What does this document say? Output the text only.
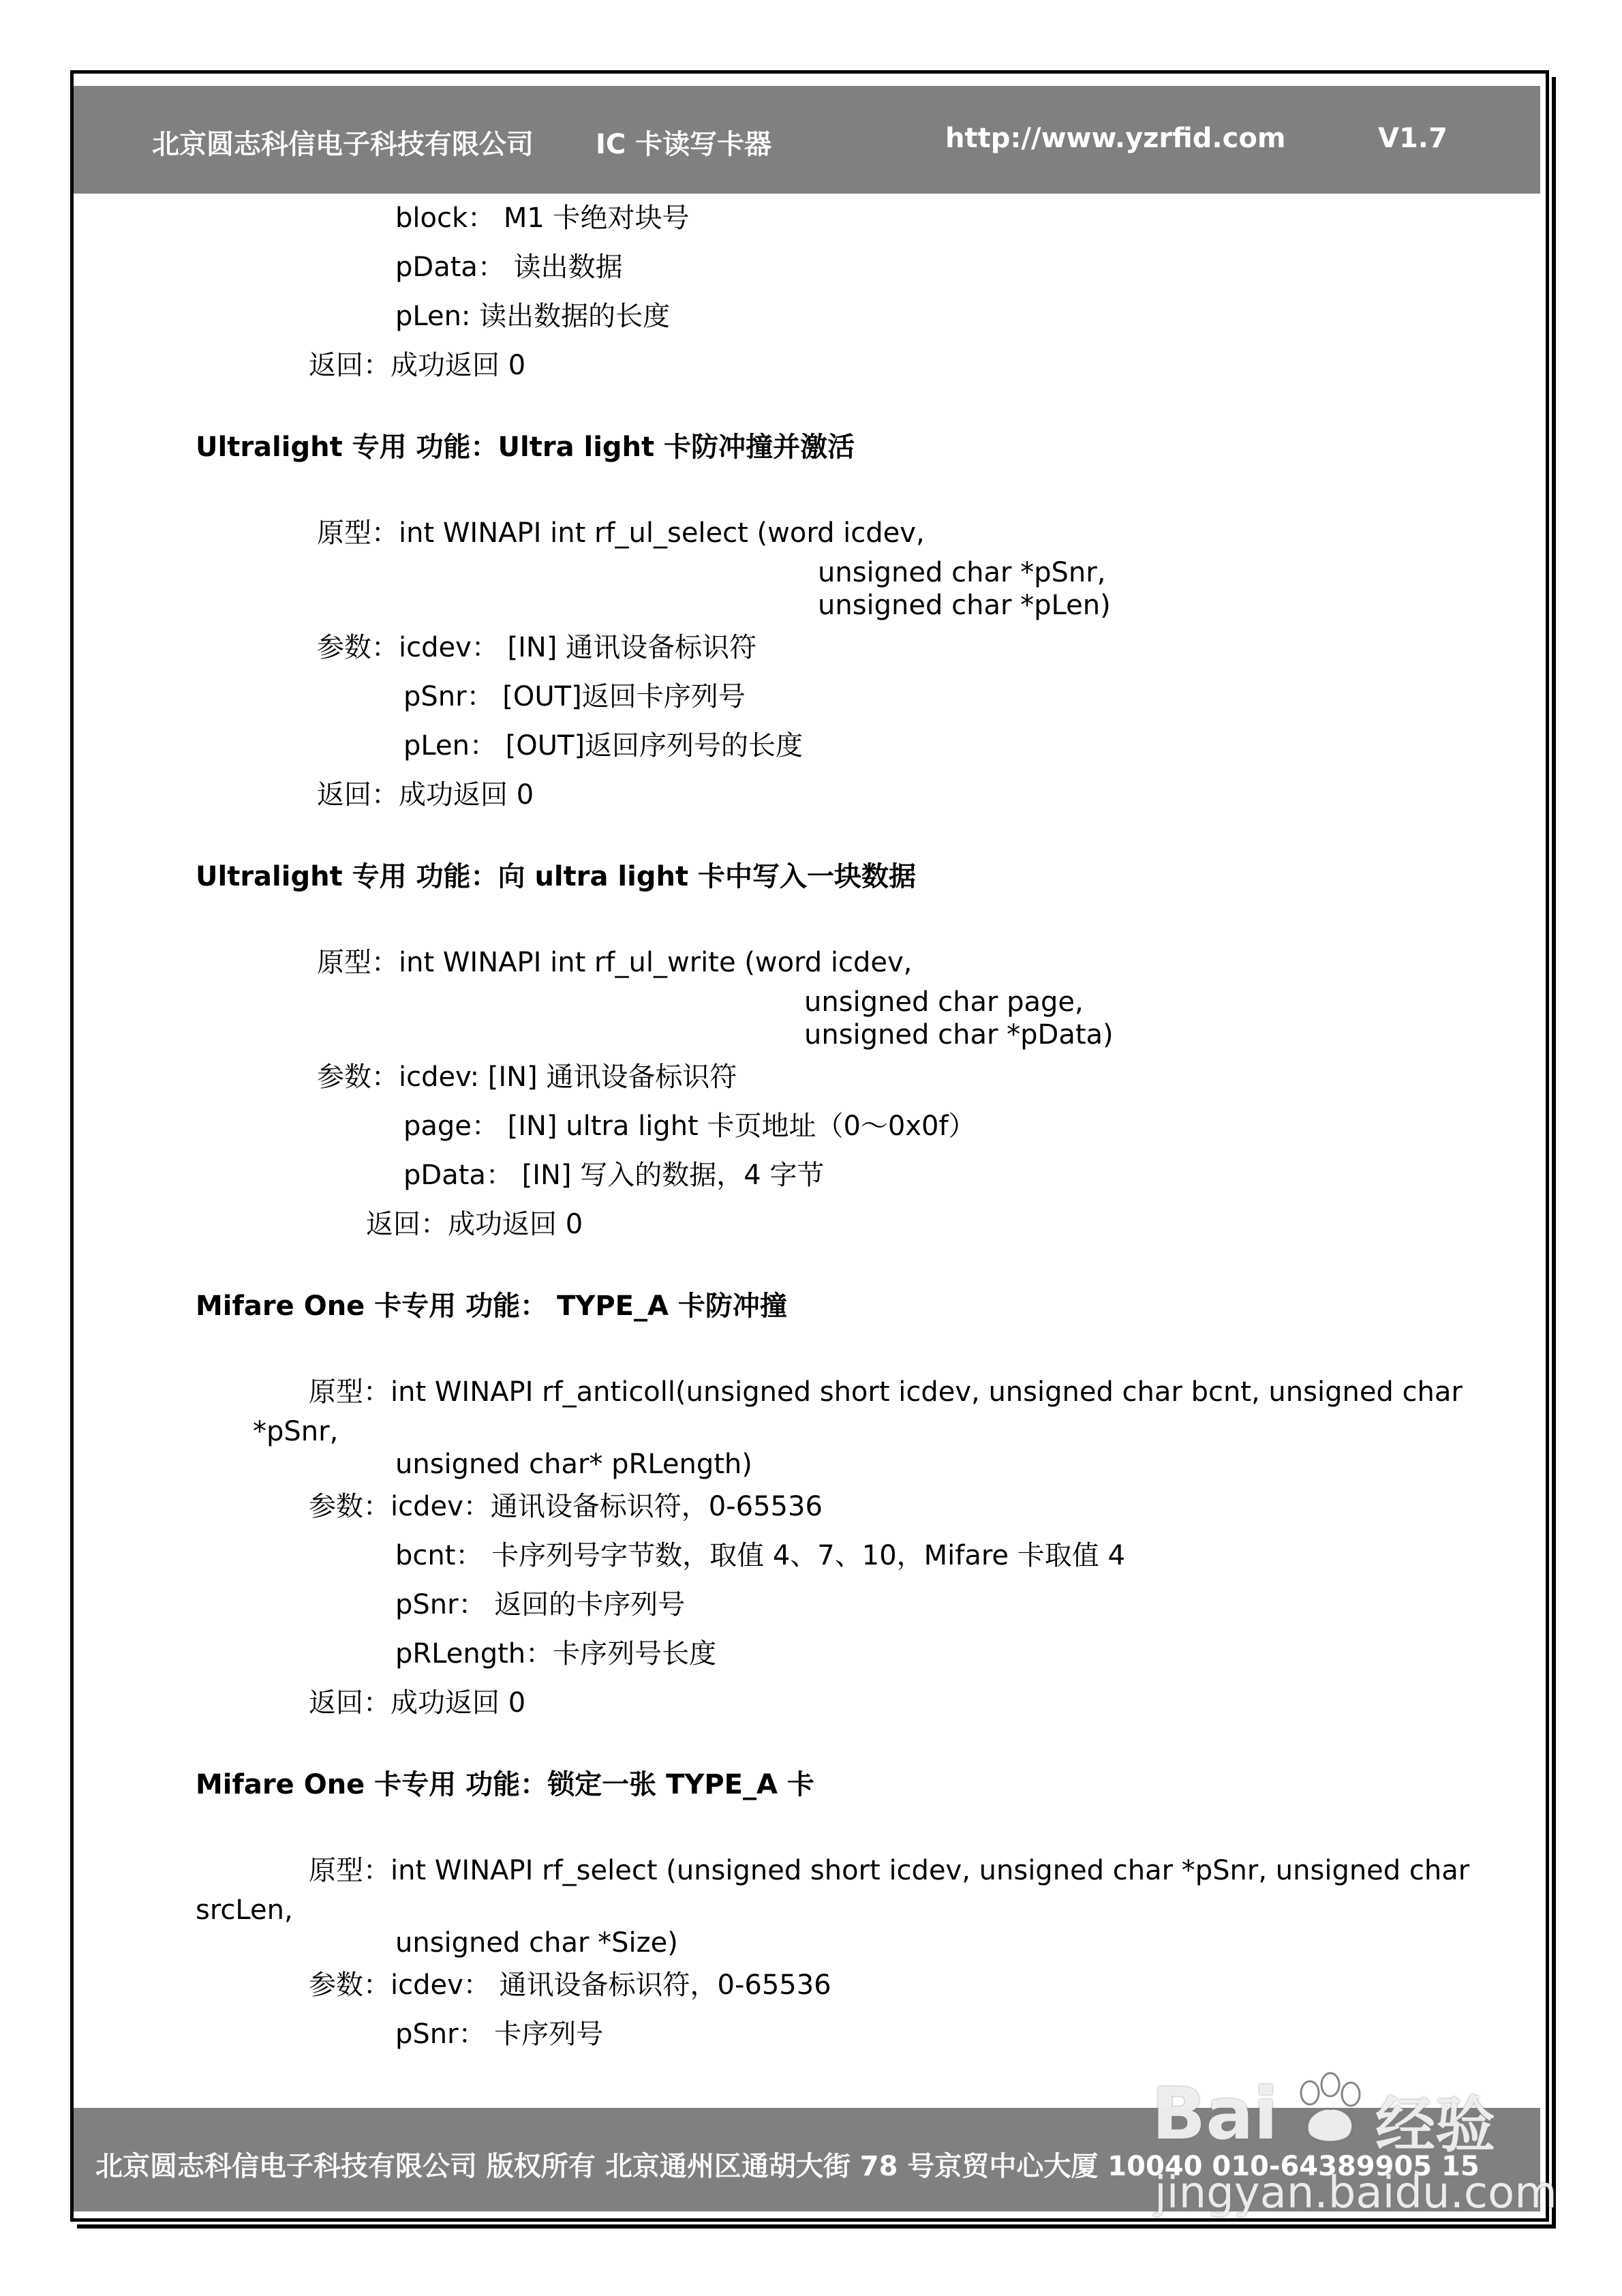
北京圆志科信电子科技有限公司 IC 卡读写卡器	http://www.yzrfid.com	V1.7
block： M1 卡绝对块号
pData： 读出数据
pLen: 读出数据的长度
返回：成功返回 0
Ultralight 专用 功能：Ultra light 卡防冲撞并激活
原型：int WINAPI int rf_ul_select (word icdev,
unsigned char *pSnr,
unsigned char *pLen)
参数：icdev： [IN] 通讯设备标识符
pSnr： [OUT]返回卡序列号
pLen： [OUT]返回序列号的长度
返回：成功返回 0
Ultralight 专用 功能：向 ultra light 卡中写入一块数据
原型：int WINAPI int rf_ul_write (word icdev,
unsigned char page,
unsigned char *pData)
参数：icdev: [IN] 通讯设备标识符
page： [IN] ultra light 卡页地址（0～0x0f）
pData： [IN] 写入的数据，4 字节
返回：成功返回 0
Mifare One 卡专用 功能： TYPE_A 卡防冲撞
原型：int WINAPI rf_anticoll(unsigned short icdev, unsigned char bcnt, unsigned char
*pSnr,
unsigned char* pRLength)
参数：icdev：通讯设备标识符，0-65536
bcnt： 卡序列号字节数，取值 4、7、10，Mifare 卡取值 4
pSnr： 返回的卡序列号
pRLength：卡序列号长度
返回：成功返回 0
Mifare One 卡专用 功能：锁定一张 TYPE_A 卡
原型：int WINAPI rf_select (unsigned short icdev, unsigned char *pSnr, unsigned char
srcLen,
unsigned char *Size)
参数：icdev： 通讯设备标识符，0-65536
pSnr： 卡序列号
北京圆志科信电子科技有限公司 版权所有 北京通州区通胡大街 78 号京贸中心大厦 10040 010-64389905 15
Bai 经验
jingyan.baidu.com
